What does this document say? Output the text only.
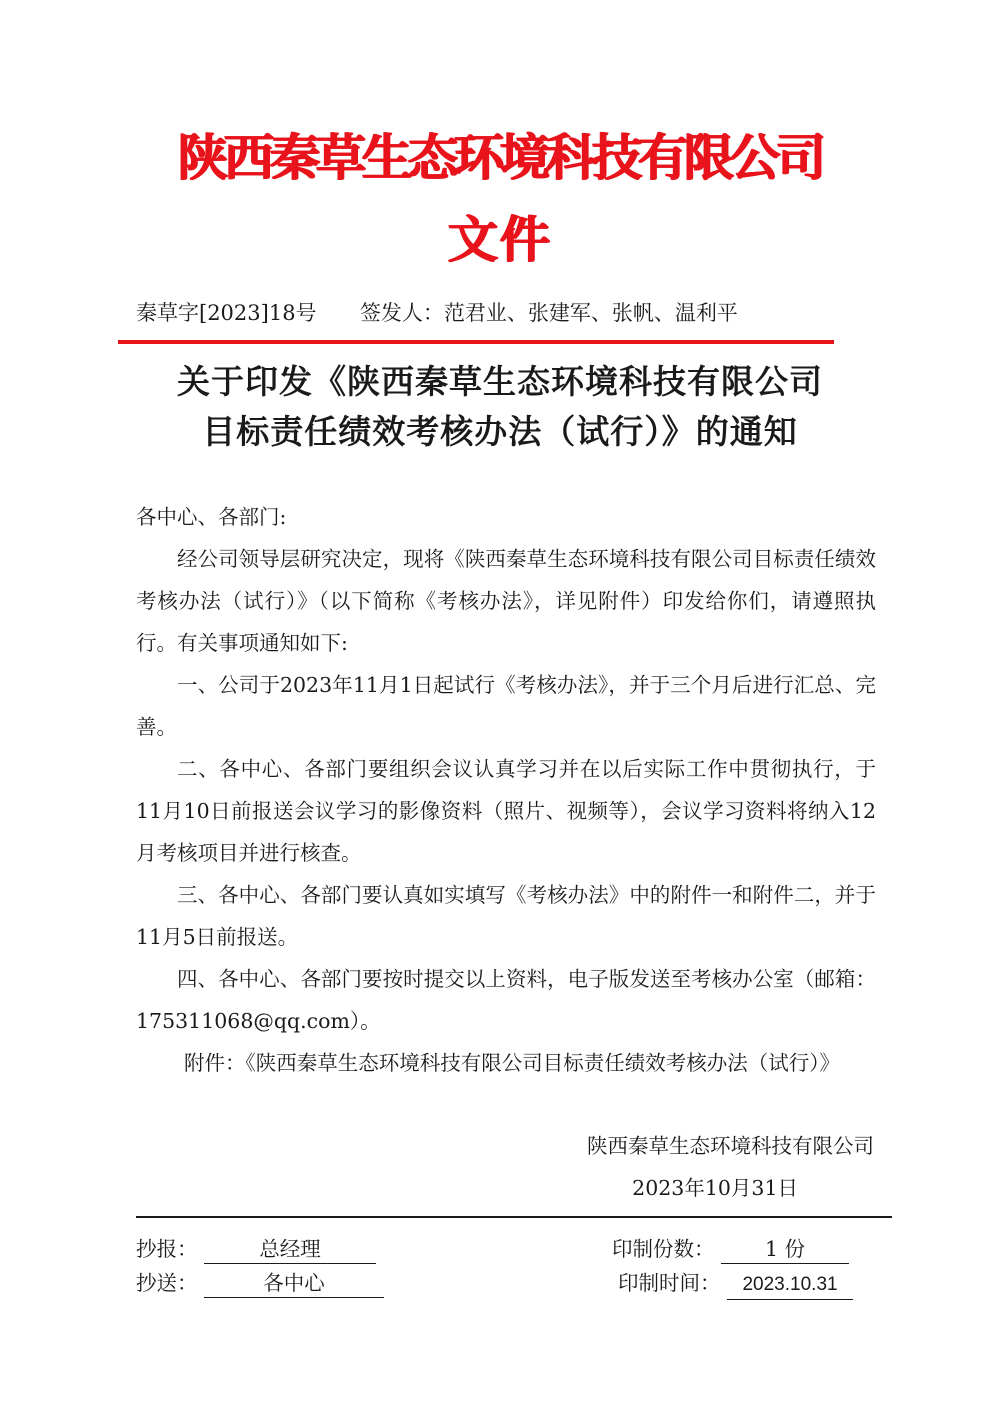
陕西秦草生态环境科技有限公司
文件
秦草字[2023]18号 签发人：范君业、张建军、张帆、温利平
关于印发《陕西秦草生态环境科技有限公司
目标责任绩效考核办法（试行）》的通知

各中心、各部门:

经公司领导层研究决定，现将《陕西秦草生态环境科技有限公司目标责任绩效考核办法（试行）》（以下简称《考核办法》，详见附件）印发给你们，请遵照执行。有关事项通知如下:

一、公司于2023年11月1日起试行《考核办法》，并于三个月后进行汇总、完善。

二、各中心、各部门要组织会议认真学习并在以后实际工作中贯彻执行，于11月10日前报送会议学习的影像资料（照片、视频等），会议学习资料将纳入12月考核项目并进行核查。

三、各中心、各部门要认真如实填写《考核办法》中的附件一和附件二，并于11月5日前报送。

四、各中心、各部门要按时提交以上资料，电子版发送至考核办公室（邮箱：175311068@qq.com）。

附件：《陕西秦草生态环境科技有限公司目标责任绩效考核办法（试行）》

陕西秦草生态环境科技有限公司
2023年10月31日
抄报：	总经理
抄送：	各中心
印制份数： 1 份
印制时间： 2023.10.31
